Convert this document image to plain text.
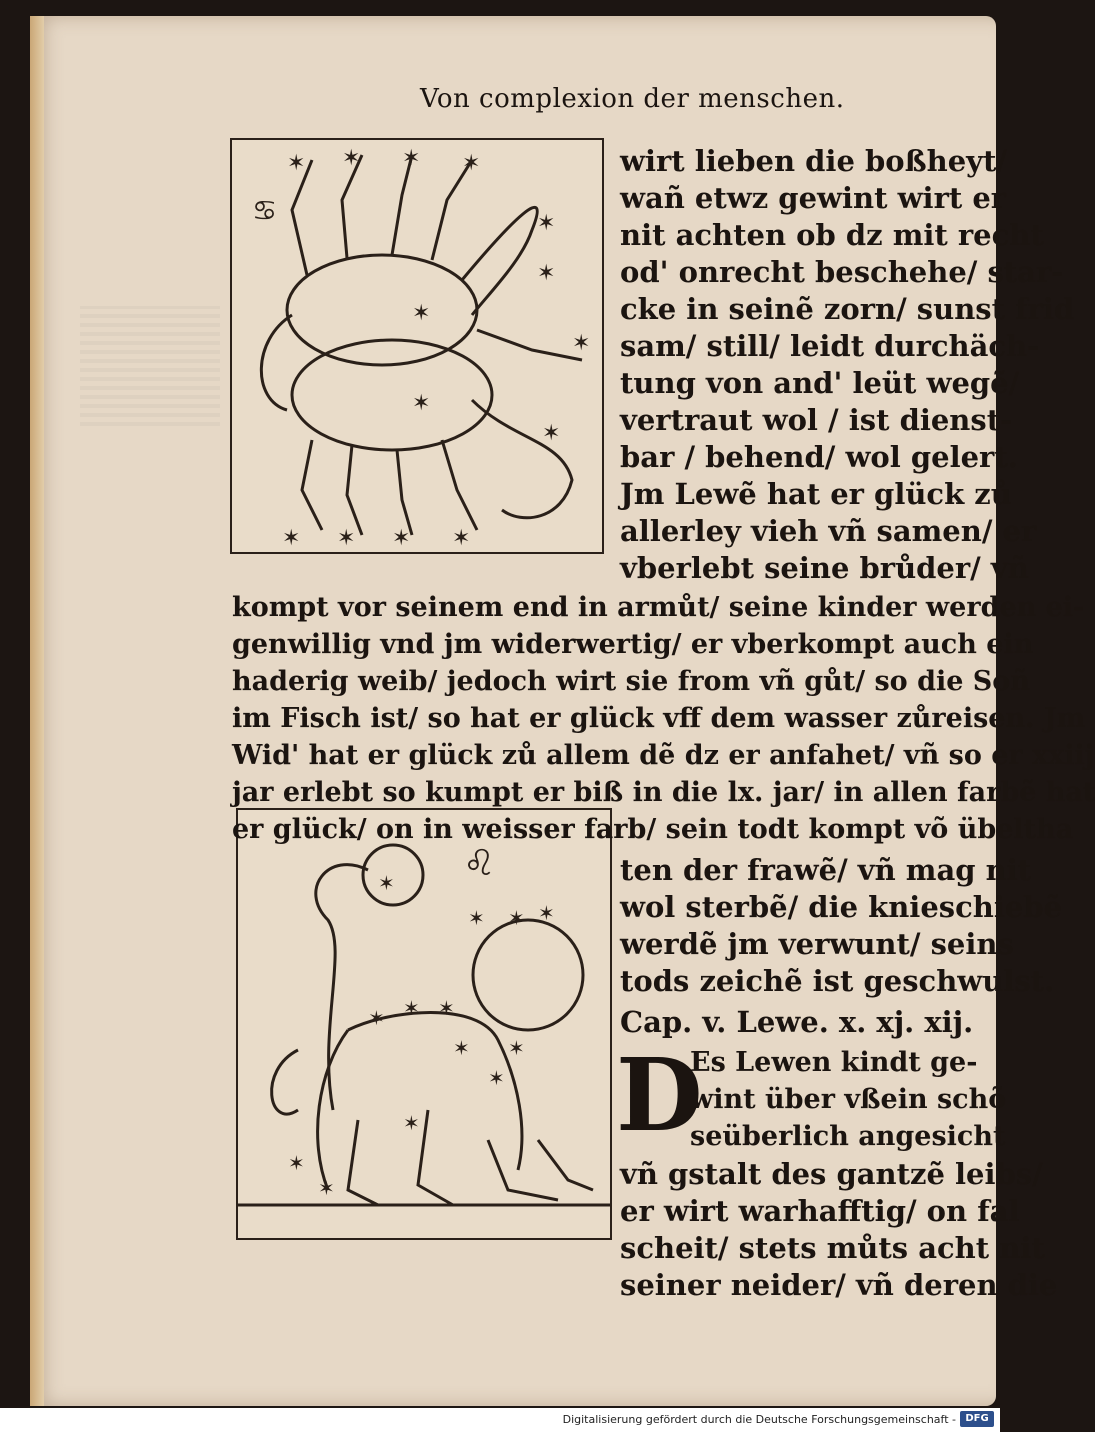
Von complexion der menschen.
✶ ✶ ✶ ✶
✶
✶
✶
✶
✶
✶
✶ ✶ ✶ ✶
♋
✶
✶ ✶ ✶
✶ ✶ ✶
✶ ✶
✶
✶
✶
✶
♌
wirt lieben die boßheyt/
wañ etwz gewint wirt er
nit achten ob dz mit recht
od' onrecht beschehe/ star-
cke in seinẽ zorn/ sunst frid
sam/ still/ leidt durchäch-
tung von and' leüt wegẽ/
vertraut wol / ist dienst-
bar / behend/ wol gelert.
Jm Lewẽ hat er glück zů
allerley vieh vñ samen/ er
vberlebt seine brůder/ vñ
kompt vor seinem end in armůt/ seine kinder werden ei-
genwillig vnd jm widerwertig/ er vberkompt auch ein
haderig weib/ jedoch wirt sie from vñ gůt/ so die Soñ
im Fisch ist/ so hat er glück vff dem wasser zůreisen. Jm
Wid' hat er glück zů allem dẽ dz er anfahet/ vñ so er xxiij
jar erlebt so kumpt er biß in die lx. jar/ in allen farbẽ hat
er glück/ on in weisser farb/ sein todt kompt võ übeltha
ten der frawẽ/ vñ mag nit
wol sterbẽ/ die knieschiebẽ
werdẽ jm verwunt/ seins
tods zeichẽ ist geschwulst.
Cap. v. Lewe. x. xj. xij.
D
Es Lewen kindt ge-
wint über vßein schõ
seüberlich angesicht
vñ gstalt des gantzẽ leibs/
er wirt warhafftig/ on fal
scheit/ stets můts acht nit
seiner neider/ vñ deren die
Digitalisierung gefördert durch die Deutsche Forschungsgemeinschaft - DFG
